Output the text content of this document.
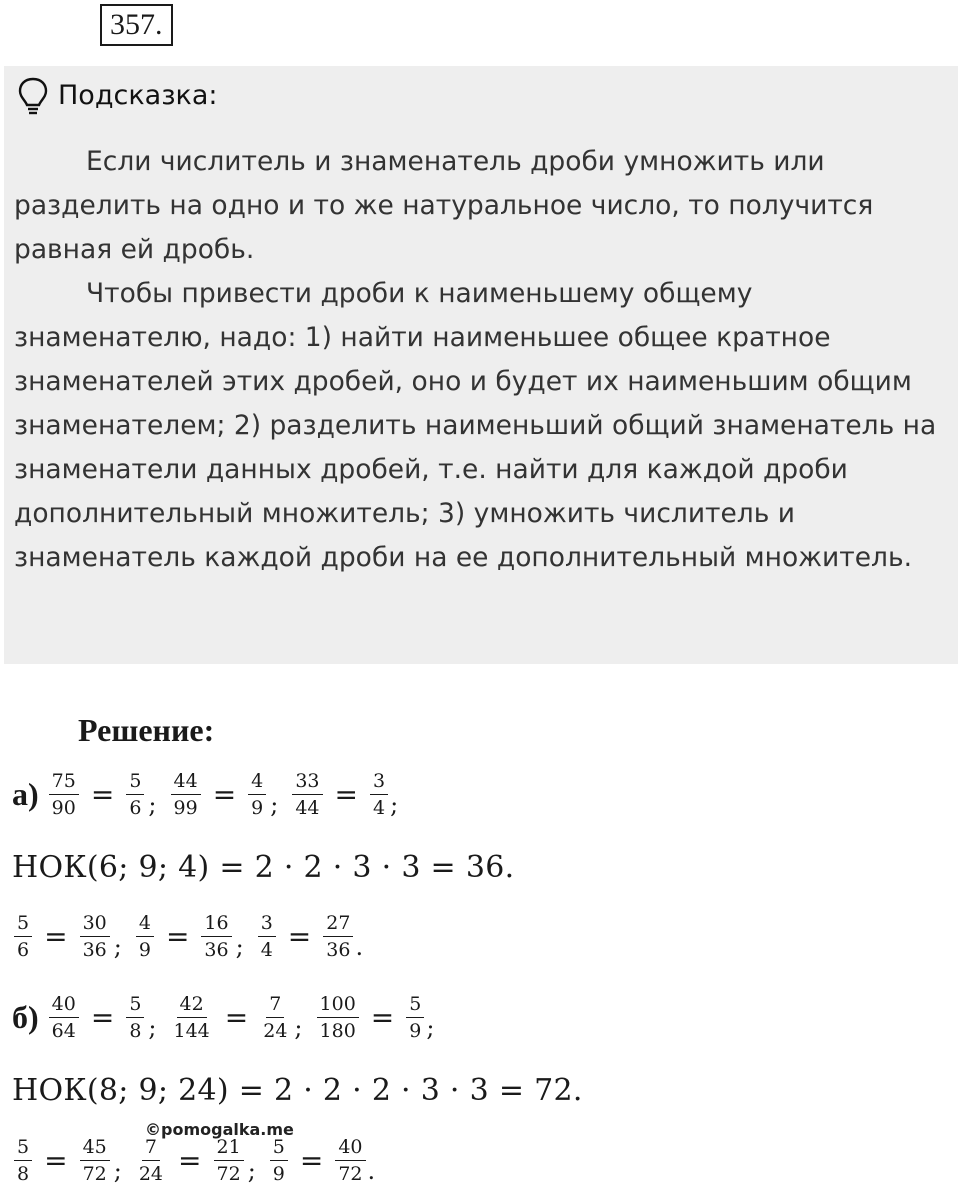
357.
Подсказка:

Если числитель и знаменатель дроби умножить или разделить на одно и то же натуральное число, то получится равная ей дробь.

Чтобы привести дроби к наименьшему общему знаменателю, надо: 1) найти наименьшее общее кратное знаменателей этих дробей, оно и будет их наименьшим общим знаменателем; 2) разделить наименьший общий знаменатель на знаменатели данных дробей, т.е. найти для каждой дроби дополнительный множитель; 3) умножить числитель и знаменатель каждой дроби на ее дополнительный множитель.

Решение:
$а) \frac{75}{90} = \frac{5}{6}$ ; $\frac{44}{99} = \frac{4}{9}$ ; $\frac{33}{44} = \frac{3}{4}$ ;
НОК(6; 9; 4) = 2 · 2 · 3 · 3 = 36.
$\frac{5}{6} = \frac{30}{36}$ ; $\frac{4}{9} = \frac{16}{36}$ ; $\frac{3}{4} = \frac{27}{36}$ .
$б) \frac{40}{64} = \frac{5}{8}$ ; $\frac{42}{144} = \frac{7}{24}$ ; $\frac{100}{180} = \frac{5}{9}$ ;
НОК(8; 9; 24) = 2 · 2 · 2 · 3 · 3 = 72.
©pomogalka.me
$\frac{5}{8} = \frac{45}{72}$ ; $\frac{7}{24} = \frac{21}{72}$ ; $\frac{5}{9} = \frac{40}{72}$ .
